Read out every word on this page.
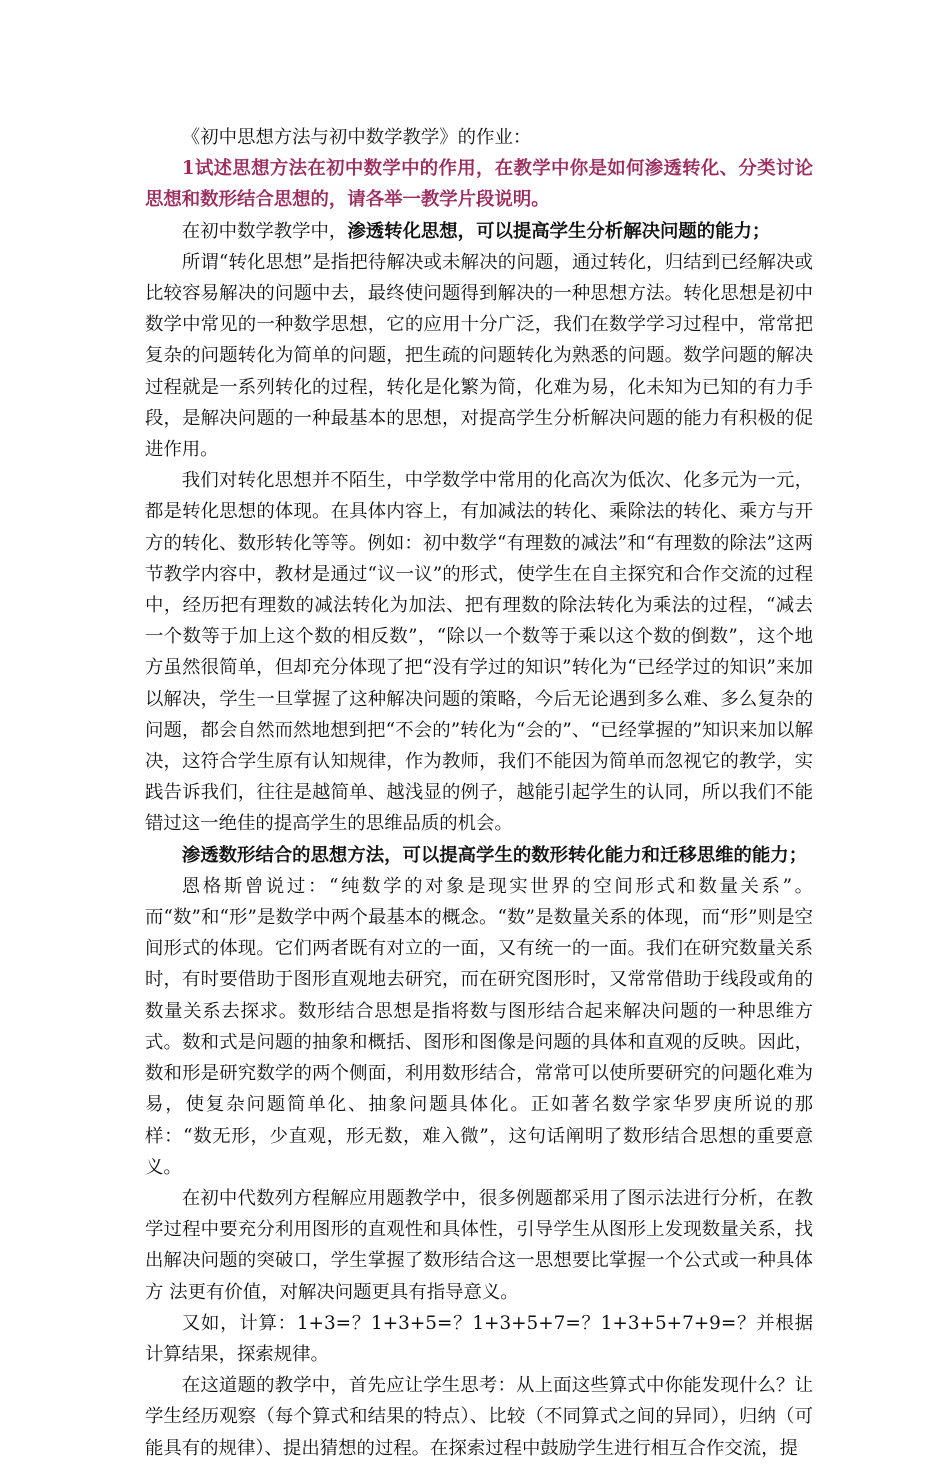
《初中思想方法与初中数学教学》的作业：

1试述思想方法在初中数学中的作用，在教学中你是如何渗透转化、分类讨论思想和数形结合思想的，请各举一教学片段说明。

在初中数学教学中，渗透转化思想，可以提高学生分析解决问题的能力；

所谓“转化思想”是指把待解决或未解决的问题，通过转化，归结到已经解决或比较容易解决的问题中去，最终使问题得到解决的一种思想方法。转化思想是初中数学中常见的一种数学思想，它的应用十分广泛，我们在数学学习过程中，常常把复杂的问题转化为简单的问题，把生疏的问题转化为熟悉的问题。数学问题的解决过程就是一系列转化的过程，转化是化繁为简，化难为易，化未知为已知的有力手段，是解决问题的一种最基本的思想，对提高学生分析解决问题的能力有积极的促进作用。

我们对转化思想并不陌生，中学数学中常用的化高次为低次、化多元为一元，都是转化思想的体现。在具体内容上，有加减法的转化、乘除法的转化、乘方与开方的转化、数形转化等等。例如：初中数学“有理数的减法”和“有理数的除法”这两节教学内容中，教材是通过“议一议”的形式，使学生在自主探究和合作交流的过程中，经历把有理数的减法转化为加法、把有理数的除法转化为乘法的过程，“减去一个数等于加上这个数的相反数”，“除以一个数等于乘以这个数的倒数”，这个地方虽然很简单，但却充分体现了把“没有学过的知识”转化为“已经学过的知识”来加以解决，学生一旦掌握了这种解决问题的策略，今后无论遇到多么难、多么复杂的问题，都会自然而然地想到把“不会的”转化为“会的”、“已经掌握的”知识来加以解决，这符合学生原有认知规律，作为教师，我们不能因为简单而忽视它的教学，实践告诉我们，往往是越简单、越浅显的例子，越能引起学生的认同，所以我们不能错过这一绝佳的提高学生的思维品质的机会。

渗透数形结合的思想方法，可以提高学生的数形转化能力和迁移思维的能力；

恩格斯曾说过：“纯数学的对象是现实世界的空间形式和数量关系”。而“数”和“形”是数学中两个最基本的概念。“数”是数量关系的体现，而“形”则是空间形式的体现。它们两者既有对立的一面，又有统一的一面。我们在研究数量关系时，有时要借助于图形直观地去研究，而在研究图形时，又常常借助于线段或角的数量关系去探求。数形结合思想是指将数与图形结合起来解决问题的一种思维方式。数和式是问题的抽象和概括、图形和图像是问题的具体和直观的反映。因此，数和形是研究数学的两个侧面，利用数形结合，常常可以使所要研究的问题化难为易，使复杂问题简单化、抽象问题具体化。正如著名数学家华罗庚所说的那样：“数无形，少直观，形无数，难入微”，这句话阐明了数形结合思想的重要意义。

在初中代数列方程解应用题教学中，很多例题都采用了图示法进行分析，在教学过程中要充分利用图形的直观性和具体性，引导学生从图形上发现数量关系，找出解决问题的突破口，学生掌握了数形结合这一思想要比掌握一个公式或一种具体方 法更有价值，对解决问题更具有指导意义。

又如，计算：1+3=？1+3+5=？1+3+5+7=？1+3+5+7+9=？并根据计算结果，探索规律。

在这道题的教学中，首先应让学生思考：从上面这些算式中你能发现什么？让学生经历观察（每个算式和结果的特点）、比较（不同算式之间的异同），归纳（可能具有的规律）、提出猜想的过程。在探索过程中鼓励学生进行相互合作交流，提
